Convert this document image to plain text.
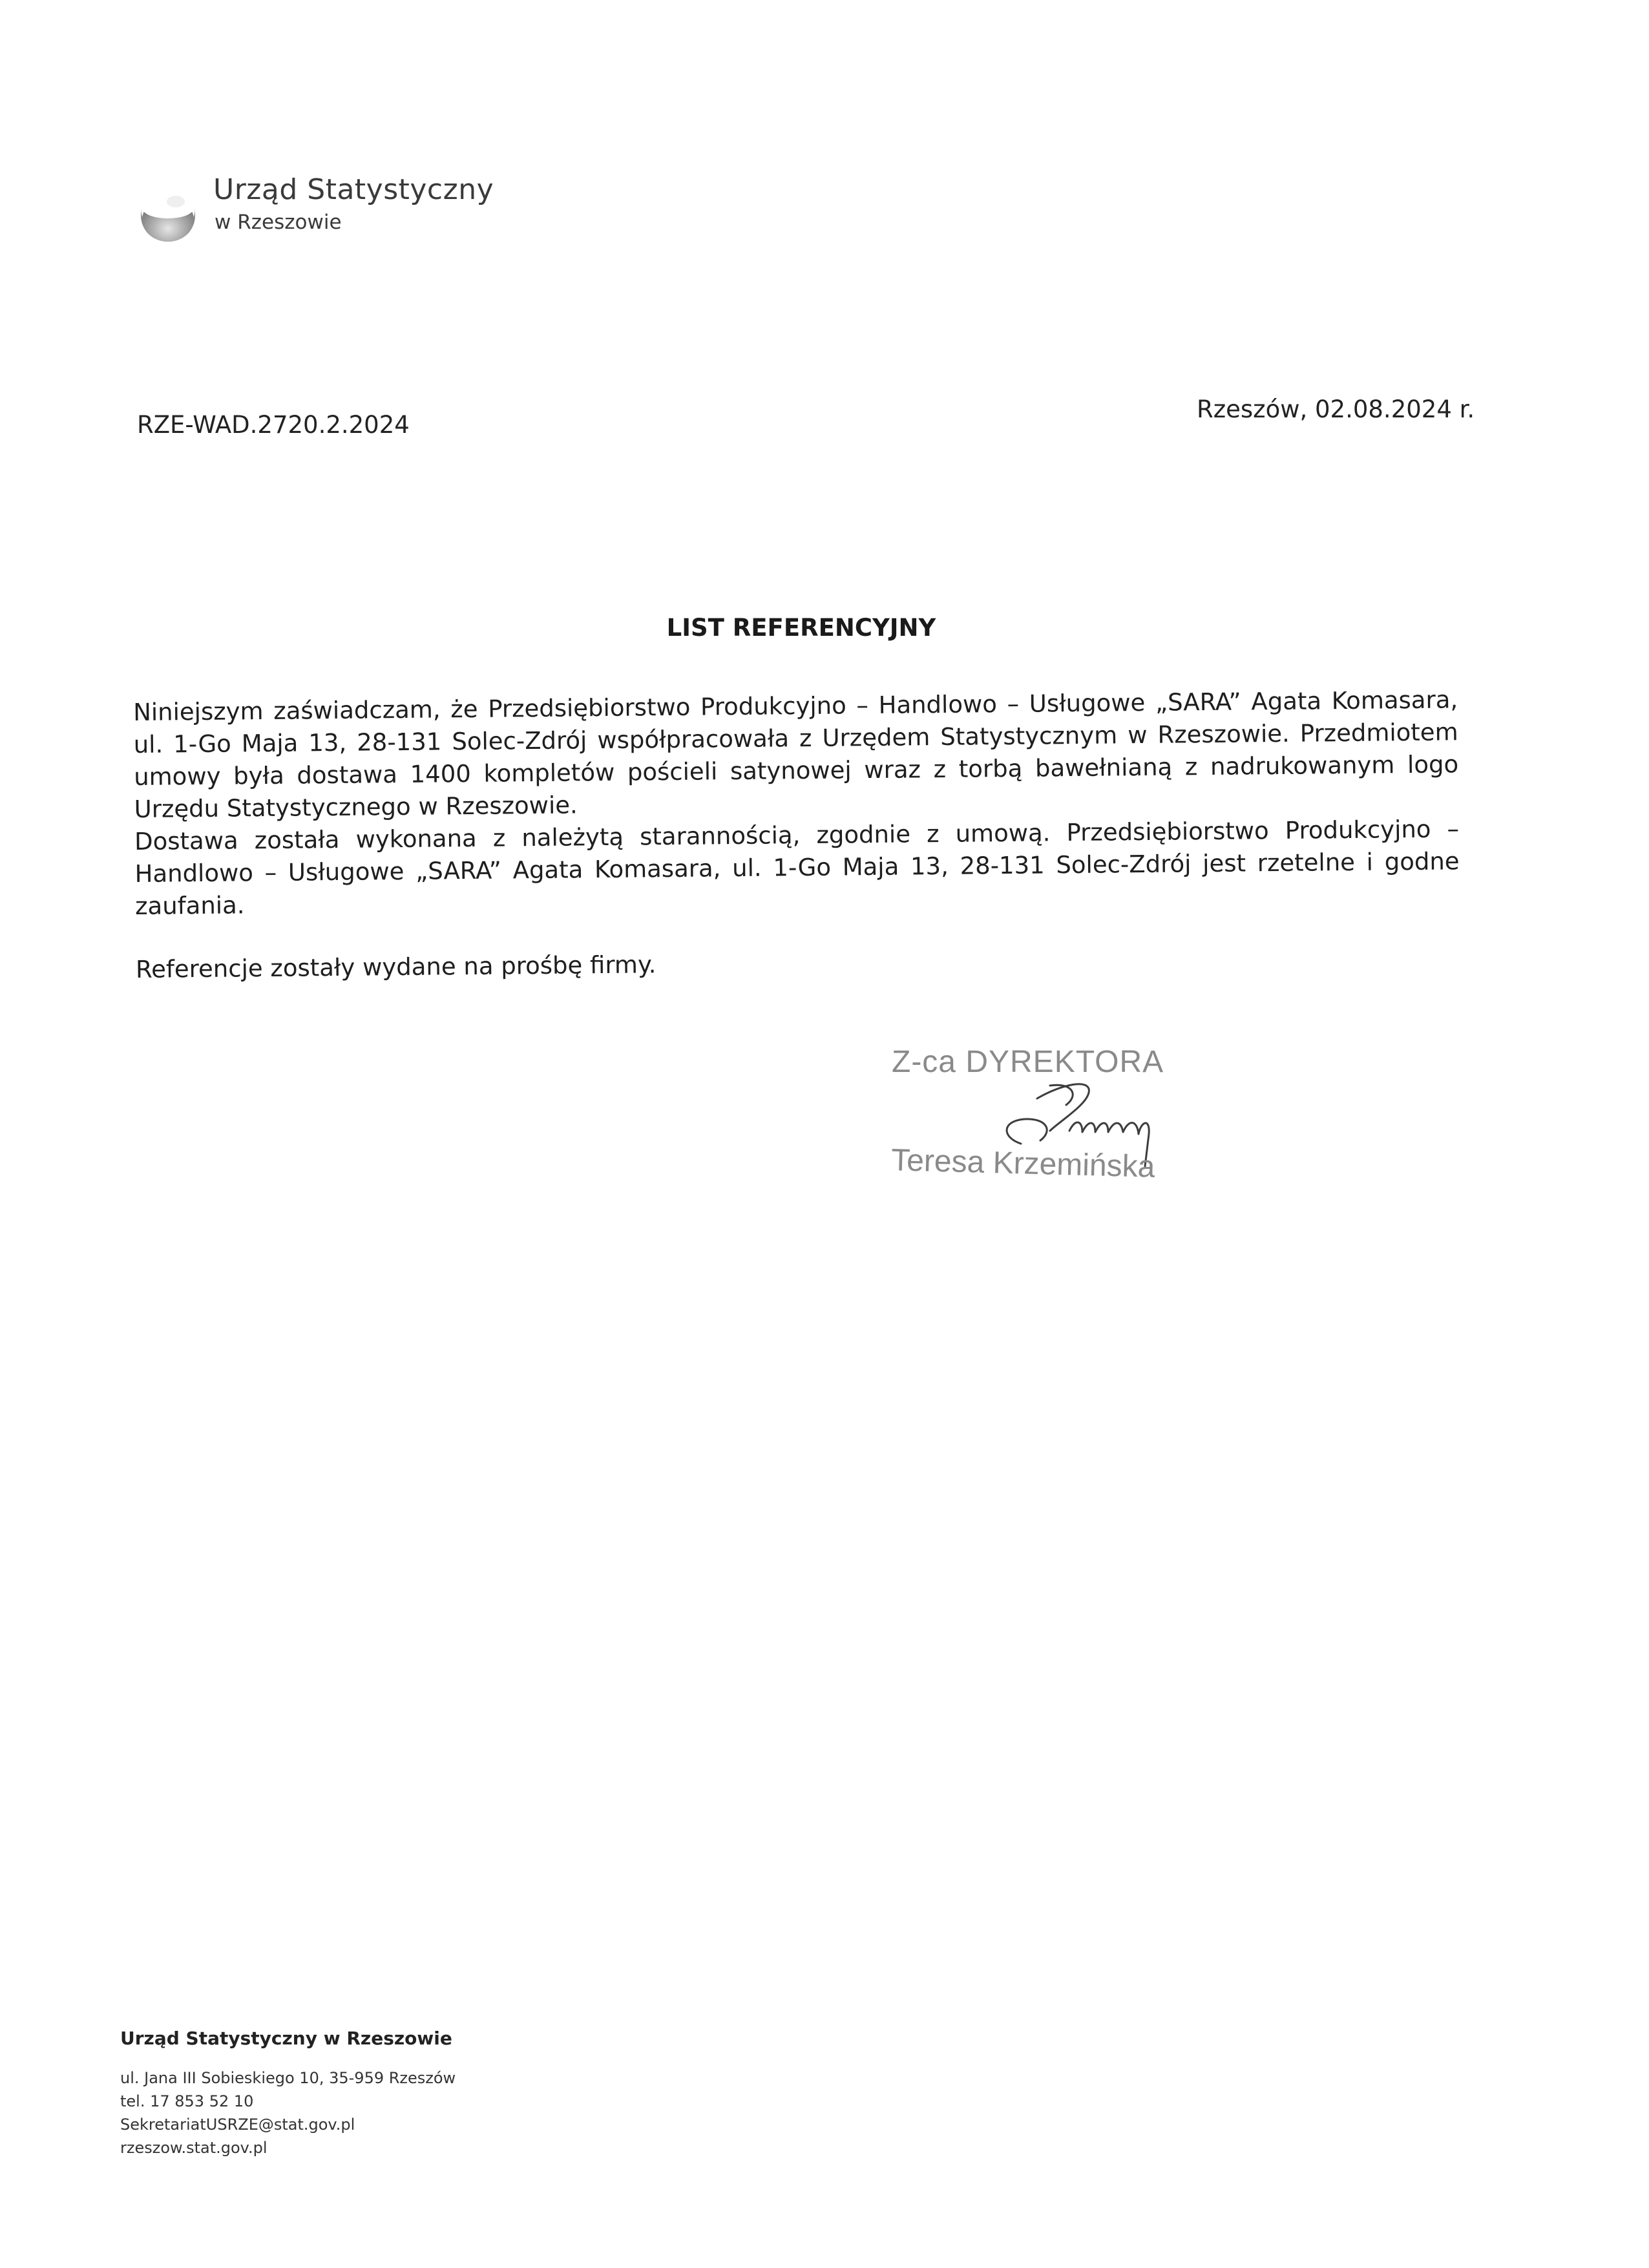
Urząd Statystyczny
w Rzeszowie
RZE-WAD.2720.2.2024
Rzeszów, 02.08.2024 r.
LIST REFERENCYJNY

Niniejszym zaświadczam, że Przedsiębiorstwo Produkcyjno – Handlowo – Usługowe „SARA” Agata Komasara, ul. 1-Go Maja 13, 28-131 Solec-Zdrój współpracowała z Urzędem Statystycznym w Rzeszowie. Przedmiotem umowy była dostawa 1400 kompletów pościeli satynowej wraz z torbą bawełnianą z nadrukowanym logo Urzędu Statystycznego w Rzeszowie.

Dostawa została wykonana z należytą starannością, zgodnie z umową. Przedsiębiorstwo Produkcyjno – Handlowo – Usługowe „SARA” Agata Komasara, ul. 1-Go Maja 13, 28-131 Solec-Zdrój jest rzetelne i godne zaufania.

Referencje zostały wydane na prośbę firmy.

Z-ca DYREKTORA
Teresa Krzemińska
Urząd Statystyczny w Rzeszowie
ul. Jana III Sobieskiego 10, 35-959 Rzeszów
tel. 17 853 52 10
SekretariatUSRZE@stat.gov.pl
rzeszow.stat.gov.pl
